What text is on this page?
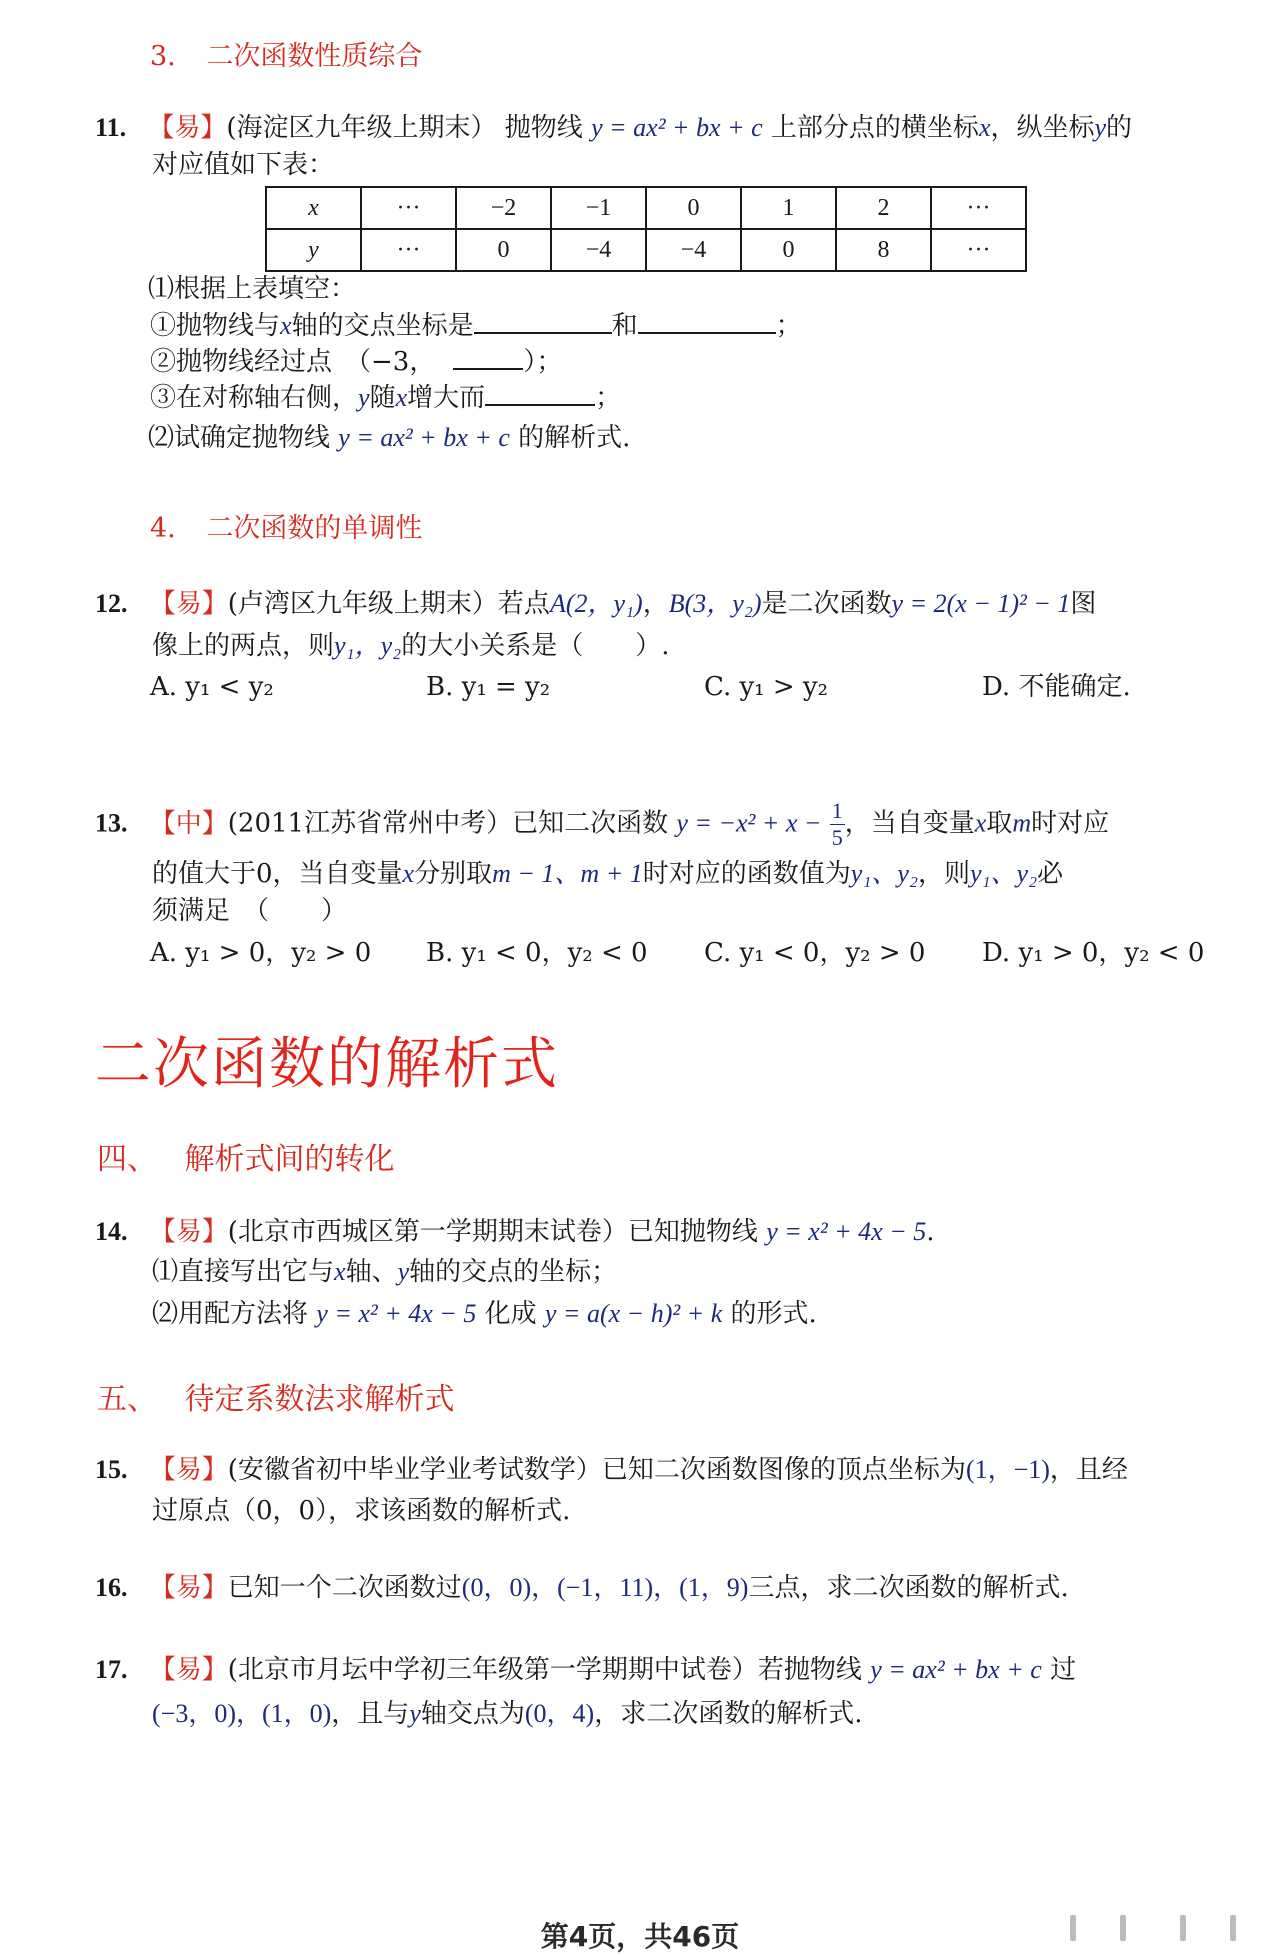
3. 二次函数性质综合
11. 【易】(海淀区九年级上期末） 抛物线 y = ax² + bx + c 上部分点的横坐标x，纵坐标y的
对应值如下表：
x	···	−2	−1	0	1	2	···
y	···	0	−4	−4	0	8	···
⑴根据上表填空：
①抛物线与x轴的交点坐标是	和	；
②抛物线经过点　（−3，	）；
③在对称轴右侧，y随x增大而	；
⑵试确定抛物线 y = ax² + bx + c 的解析式.
4. 二次函数的单调性
12. 【易】(卢湾区九年级上期末）若点A(2，y₁)，B(3，y₂)是二次函数y = 2(x − 1)² − 1图
像上的两点，则y₁，y₂的大小关系是（　　）.
A. y₁ < y₂	B. y₁ = y₂	C. y₁ > y₂	D. 不能确定.
13. 【中】(2011江苏省常州中考）已知二次函数 $y = -x^2 + x - \frac{1}{5}$ ，当自变量x取m时对应
的值大于0，当自变量x分别取m − 1、m + 1时对应的函数值为y₁、y₂，则y₁、y₂必
须满足　（　　）
A. y₁ > 0，y₂ > 0 B. y₁ < 0，y₂ < 0 C. y₁ < 0，y₂ > 0 D. y₁ > 0，y₂ < 0
二次函数的解析式
四、 解析式间的转化
14. 【易】(北京市西城区第一学期期末试卷）已知抛物线 y = x² + 4x − 5.
⑴直接写出它与x轴、y轴的交点的坐标；
⑵用配方法将 y = x² + 4x − 5 化成 y = a(x − h)² + k 的形式.
五、 待定系数法求解析式
15. 【易】(安徽省初中毕业学业考试数学）已知二次函数图像的顶点坐标为(1，−1)，且经
过原点（0，0），求该函数的解析式.
16. 【易】已知一个二次函数过(0，0)，(−1，11)，(1，9)三点，求二次函数的解析式.
17. 【易】(北京市月坛中学初三年级第一学期期中试卷）若抛物线 y = ax² + bx + c 过
(−3，0)，(1，0)，且与y轴交点为(0，4)，求二次函数的解析式.
第4页，共46页
